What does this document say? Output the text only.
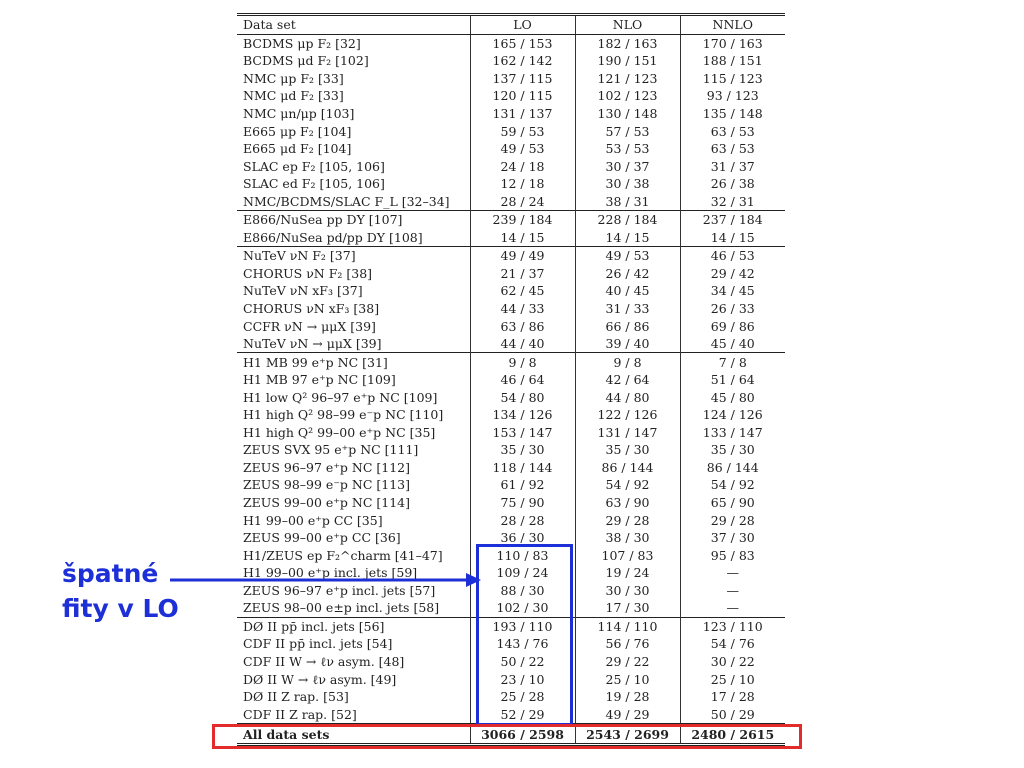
Data set	LO	NLO	NNLO
BCDMS μp F₂ [32]	165 / 153	182 / 163	170 / 163
BCDMS μd F₂ [102]	162 / 142	190 / 151	188 / 151
NMC μp F₂ [33]	137 / 115	121 / 123	115 / 123
NMC μd F₂ [33]	120 / 115	102 / 123	93 / 123
NMC μn/μp [103]	131 / 137	130 / 148	135 / 148
E665 μp F₂ [104]	59 / 53	57 / 53	63 / 53
E665 μd F₂ [104]	49 / 53	53 / 53	63 / 53
SLAC ep F₂ [105, 106]	24 / 18	30 / 37	31 / 37
SLAC ed F₂ [105, 106]	12 / 18	30 / 38	26 / 38
NMC/BCDMS/SLAC F_L [32–34]	28 / 24	38 / 31	32 / 31
E866/NuSea pp DY [107]	239 / 184	228 / 184	237 / 184
E866/NuSea pd/pp DY [108]	14 / 15	14 / 15	14 / 15
NuTeV νN F₂ [37]	49 / 49	49 / 53	46 / 53
CHORUS νN F₂ [38]	21 / 37	26 / 42	29 / 42
NuTeV νN xF₃ [37]	62 / 45	40 / 45	34 / 45
CHORUS νN xF₃ [38]	44 / 33	31 / 33	26 / 33
CCFR νN → μμX [39]	63 / 86	66 / 86	69 / 86
NuTeV νN → μμX [39]	44 / 40	39 / 40	45 / 40
H1 MB 99 e⁺p NC [31]	9 / 8	9 / 8	7 / 8
H1 MB 97 e⁺p NC [109]	46 / 64	42 / 64	51 / 64
H1 low Q² 96–97 e⁺p NC [109]	54 / 80	44 / 80	45 / 80
H1 high Q² 98–99 e⁻p NC [110]	134 / 126	122 / 126	124 / 126
H1 high Q² 99–00 e⁺p NC [35]	153 / 147	131 / 147	133 / 147
ZEUS SVX 95 e⁺p NC [111]	35 / 30	35 / 30	35 / 30
ZEUS 96–97 e⁺p NC [112]	118 / 144	86 / 144	86 / 144
ZEUS 98–99 e⁻p NC [113]	61 / 92	54 / 92	54 / 92
ZEUS 99–00 e⁺p NC [114]	75 / 90	63 / 90	65 / 90
H1 99–00 e⁺p CC [35]	28 / 28	29 / 28	29 / 28
ZEUS 99–00 e⁺p CC [36]	36 / 30	38 / 30	37 / 30
H1/ZEUS ep F₂^charm [41–47]	110 / 83	107 / 83	95 / 83
H1 99–00 e⁺p incl. jets [59]	109 / 24	19 / 24	—
ZEUS 96–97 e⁺p incl. jets [57]	88 / 30	30 / 30	—
ZEUS 98–00 e±p incl. jets [58]	102 / 30	17 / 30	—
DØ II pp̄ incl. jets [56]	193 / 110	114 / 110	123 / 110
CDF II pp̄ incl. jets [54]	143 / 76	56 / 76	54 / 76
CDF II W → ℓν asym. [48]	50 / 22	29 / 22	30 / 22
DØ II W → ℓν asym. [49]	23 / 10	25 / 10	25 / 10
DØ II Z rap. [53]	25 / 28	19 / 28	17 / 28
CDF II Z rap. [52]	52 / 29	49 / 29	50 / 29
All data sets	3066 / 2598	2543 / 2699	2480 / 2615
špatné
fity v LO
